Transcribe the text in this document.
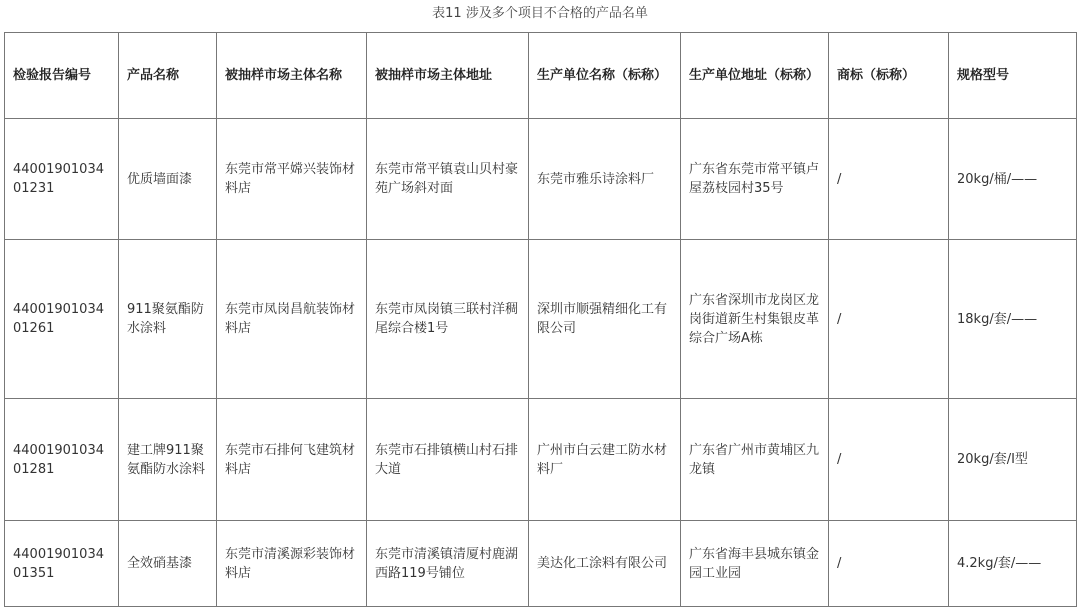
表11 涉及多个项目不合格的产品名单
检验报告编号	产品名称	被抽样市场主体名称	被抽样市场主体地址	生产单位名称（标称）	生产单位地址（标称）	商标（标称）	规格型号
44001901034 01231	优质墙面漆	东莞市常平嫦兴装饰材料店	东莞市常平镇袁山贝村豪苑广场斜对面	东莞市雅乐诗涂料厂	广东省东莞市常平镇卢屋荔枝园村35号	/	20kg/桶/——
44001901034 01261	911聚氨酯防水涂料	东莞市凤岗昌航装饰材料店	东莞市凤岗镇三联村洋稠尾综合楼1号	深圳市顺强精细化工有限公司	广东省深圳市龙岗区龙岗街道新生村集银皮革综合广场A栋	/	18kg/套/——
44001901034 01281	建工牌911聚氨酯防水涂料	东莞市石排何飞建筑材料店	东莞市石排镇横山村石排大道	广州市白云建工防水材料厂	广东省广州市黄埔区九龙镇	/	20kg/套/I型
44001901034 01351	全效硝基漆	东莞市清溪源彩装饰材料店	东莞市清溪镇清厦村鹿湖西路119号铺位	美达化工涂料有限公司	广东省海丰县城东镇金园工业园	/	4.2kg/套/——
